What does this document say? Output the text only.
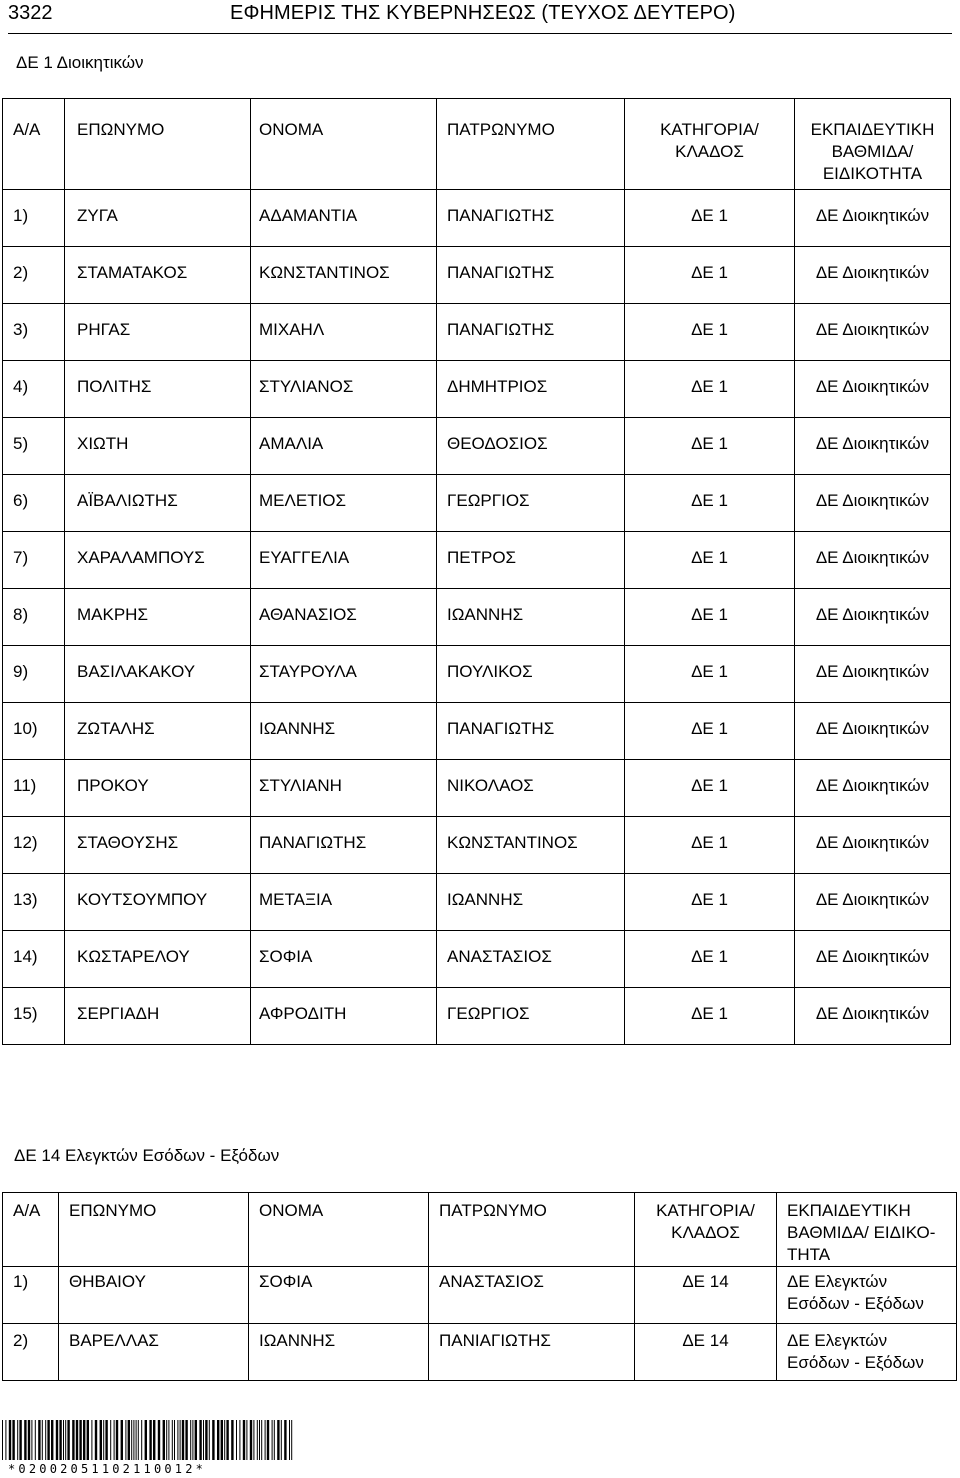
3322	ΕΦΗΜΕΡΙΣ ΤΗΣ ΚΥΒΕΡΝΗΣΕΩΣ (ΤΕΥΧΟΣ ΔΕΥΤΕΡΟ)
ΔΕ 1 Διοικητικών
Α/Α	ΕΠΩΝΥΜΟ	ΟΝΟΜΑ	ΠΑΤΡΩΝΥΜΟ	ΚΑΤΗΓΟΡΙΑ/
ΚΛΑΔΟΣ	ΕΚΠΑΙΔΕΥΤΙΚΗ
ΒΑΘΜΙΔΑ/
ΕΙΔΙΚΟΤΗΤΑ
1)	ΖΥΓΑ	ΑΔΑΜΑΝΤΙΑ	ΠΑΝΑΓΙΩΤΗΣ	ΔΕ 1	ΔΕ Διοικητικών
2)	ΣΤΑΜΑΤΑΚΟΣ	ΚΩΝΣΤΑΝΤΙΝΟΣ	ΠΑΝΑΓΙΩΤΗΣ	ΔΕ 1	ΔΕ Διοικητικών
3)	ΡΗΓΑΣ	ΜΙΧΑΗΛ	ΠΑΝΑΓΙΩΤΗΣ	ΔΕ 1	ΔΕ Διοικητικών
4)	ΠΟΛΙΤΗΣ	ΣΤΥΛΙΑΝΟΣ	ΔΗΜΗΤΡΙΟΣ	ΔΕ 1	ΔΕ Διοικητικών
5)	ΧΙΩΤΗ	ΑΜΑΛΙΑ	ΘΕΟΔΟΣΙΟΣ	ΔΕ 1	ΔΕ Διοικητικών
6)	ΑΪΒΑΛΙΩΤΗΣ	ΜΕΛΕΤΙΟΣ	ΓΕΩΡΓΙΟΣ	ΔΕ 1	ΔΕ Διοικητικών
7)	ΧΑΡΑΛΑΜΠΟΥΣ	ΕΥΑΓΓΕΛΙΑ	ΠΕΤΡΟΣ	ΔΕ 1	ΔΕ Διοικητικών
8)	ΜΑΚΡΗΣ	ΑΘΑΝΑΣΙΟΣ	ΙΩΑΝΝΗΣ	ΔΕ 1	ΔΕ Διοικητικών
9)	ΒΑΣΙΛΑΚΑΚΟΥ	ΣΤΑΥΡΟΥΛΑ	ΠΟΥΛΙΚΟΣ	ΔΕ 1	ΔΕ Διοικητικών
10)	ΖΩΤΑΛΗΣ	ΙΩΑΝΝΗΣ	ΠΑΝΑΓΙΩΤΗΣ	ΔΕ 1	ΔΕ Διοικητικών
11)	ΠΡΟΚΟΥ	ΣΤΥΛΙΑΝΗ	ΝΙΚΟΛΑΟΣ	ΔΕ 1	ΔΕ Διοικητικών
12)	ΣΤΑΘΟΥΣΗΣ	ΠΑΝΑΓΙΩΤΗΣ	ΚΩΝΣΤΑΝΤΙΝΟΣ	ΔΕ 1	ΔΕ Διοικητικών
13)	ΚΟΥΤΣΟΥΜΠΟΥ	ΜΕΤΑΞΙΑ	ΙΩΑΝΝΗΣ	ΔΕ 1	ΔΕ Διοικητικών
14)	ΚΩΣΤΑΡΕΛΟΥ	ΣΟΦΙΑ	ΑΝΑΣΤΑΣΙΟΣ	ΔΕ 1	ΔΕ Διοικητικών
15)	ΣΕΡΓΙΑΔΗ	ΑΦΡΟΔΙΤΗ	ΓΕΩΡΓΙΟΣ	ΔΕ 1	ΔΕ Διοικητικών
ΔΕ 14 Ελεγκτών Εσόδων - Εξόδων
Α/Α	ΕΠΩΝΥΜΟ	ΟΝΟΜΑ	ΠΑΤΡΩΝΥΜΟ	ΚΑΤΗΓΟΡΙΑ/
ΚΛΑΔΟΣ	ΕΚΠΑΙΔΕΥΤΙΚΗ
ΒΑΘΜΙΔΑ/ ΕΙΔΙΚΟ-
ΤΗΤΑ
1)	ΘΗΒΑΙΟΥ	ΣΟΦΙΑ	ΑΝΑΣΤΑΣΙΟΣ	ΔΕ 14	ΔΕ Ελεγκτών
Εσόδων - Εξόδων
2)	ΒΑΡΕΛΛΑΣ	ΙΩΑΝΝΗΣ	ΠΑΝΙΑΓΙΩΤΗΣ	ΔΕ 14	ΔΕ Ελεγκτών
Εσόδων - Εξόδων
*02002051102110012*
